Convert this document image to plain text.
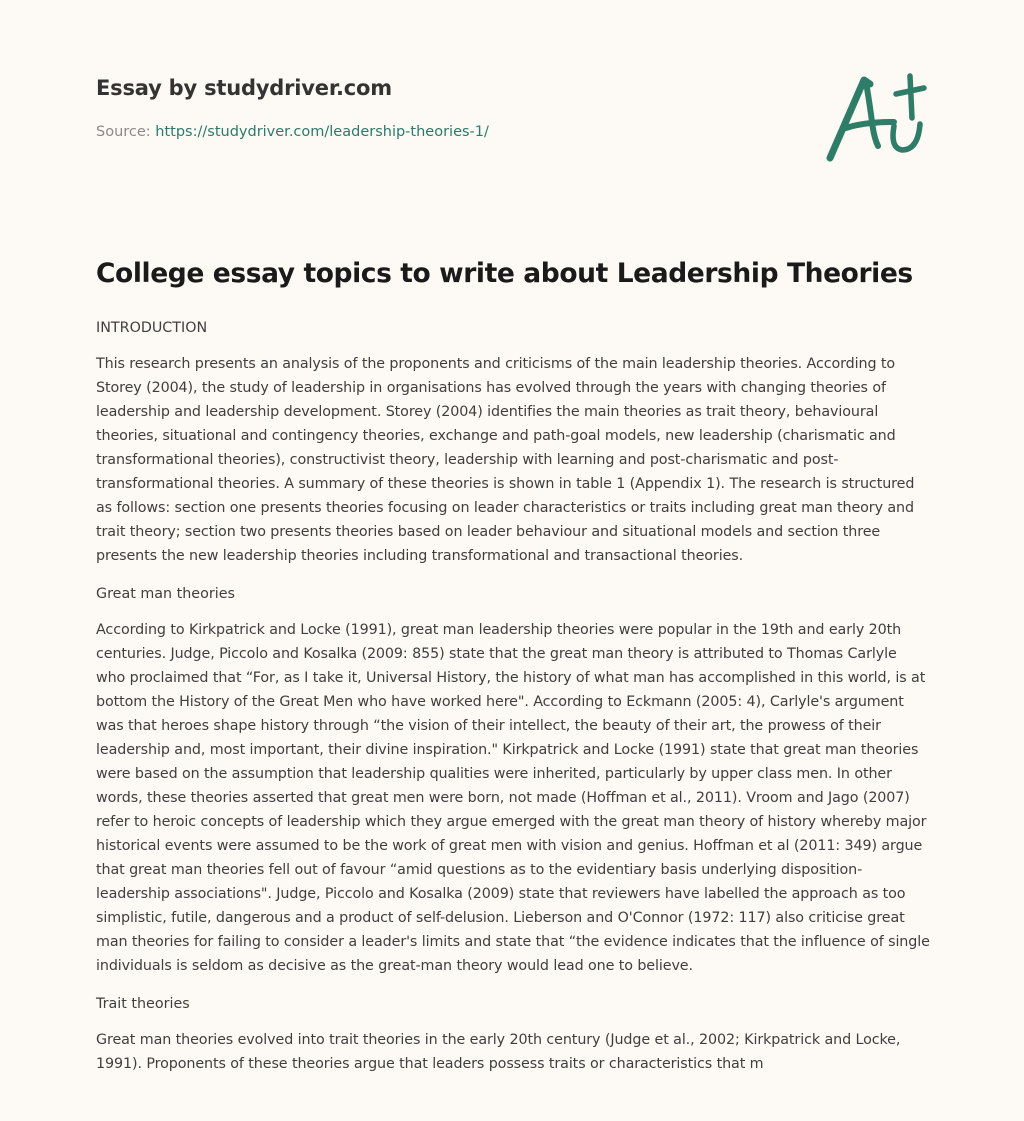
Essay by studydriver.com
Source: https://studydriver.com/leadership-theories-1/
College essay topics to write about Leadership Theories

INTRODUCTION

This research presents an analysis of the proponents and criticisms of the main leadership theories. According to Storey (2004), the study of leadership in organisations has evolved through the years with changing theories of leadership and leadership development. Storey (2004) identifies the main theories as trait theory, behavioural theories, situational and contingency theories, exchange and path-goal models, new leadership (charismatic and transformational theories), constructivist theory, leadership with learning and post-charismatic and post-transformational theories. A summary of these theories is shown in table 1 (Appendix 1). The research is structured as follows: section one presents theories focusing on leader characteristics or traits including great man theory and trait theory; section two presents theories based on leader behaviour and situational models and section three presents the new leadership theories including transformational and transactional theories.

Great man theories

According to Kirkpatrick and Locke (1991), great man leadership theories were popular in the 19th and early 20th centuries. Judge, Piccolo and Kosalka (2009: 855) state that the great man theory is attributed to Thomas Carlyle who proclaimed that “For, as I take it, Universal History, the history of what man has accomplished in this world, is at bottom the History of the Great Men who have worked here". According to Eckmann (2005: 4), Carlyle's argument was that heroes shape history through “the vision of their intellect, the beauty of their art, the prowess of their leadership and, most important, their divine inspiration." Kirkpatrick and Locke (1991) state that great man theories were based on the assumption that leadership qualities were inherited, particularly by upper class men. In other words, these theories asserted that great men were born, not made (Hoffman et al., 2011). Vroom and Jago (2007) refer to heroic concepts of leadership which they argue emerged with the great man theory of history whereby major historical events were assumed to be the work of great men with vision and genius. Hoffman et al (2011: 349) argue that great man theories fell out of favour “amid questions as to the evidentiary basis underlying disposition-leadership associations". Judge, Piccolo and Kosalka (2009) state that reviewers have labelled the approach as too simplistic, futile, dangerous and a product of self-delusion. Lieberson and O'Connor (1972: 117) also criticise great man theories for failing to consider a leader's limits and state that “the evidence indicates that the influence of single individuals is seldom as decisive as the great-man theory would lead one to believe.

Trait theories

Great man theories evolved into trait theories in the early 20th century (Judge et al., 2002; Kirkpatrick and Locke, 1991). Proponents of these theories argue that leaders possess traits or characteristics that m
